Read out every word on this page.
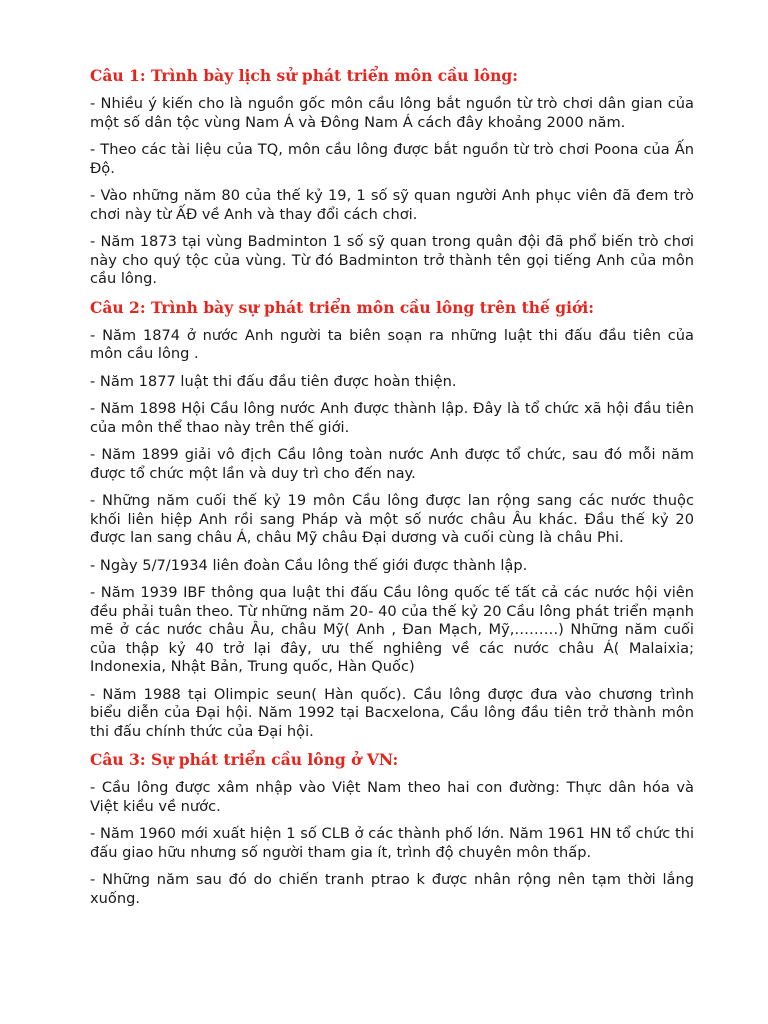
Câu 1: Trình bày lịch sử phát triển môn cầu lông:
- Nhiều ý kiến cho là nguồn gốc môn cầu lông bắt nguồn từ trò chơi dân gian của một số dân tộc vùng Nam Á và Đông Nam Á cách đây khoảng 2000 năm.
- Theo các tài liệu của TQ, môn cầu lông được bắt nguồn từ trò chơi Poona của Ấn Độ.
- Vào những năm 80 của thế kỷ 19, 1 số sỹ quan người Anh phục viên đã đem trò chơi này từ ẤĐ về Anh và thay đổi cách chơi.
- Năm 1873 tại vùng Badminton 1 số sỹ quan trong quân đội đã phổ biến trò chơi này cho quý tộc của vùng. Từ đó Badminton trở thành tên gọi tiếng Anh của môn cầu lông.
Câu 2: Trình bày sự phát triển môn cầu lông trên thế giới:
- Năm 1874 ở nước Anh người ta biên soạn ra những luật thi đấu đầu tiên của môn cầu lông .
- Năm 1877 luật thi đấu đầu tiên được hoàn thiện.
- Năm 1898 Hội Cầu lông nước Anh được thành lập. Đây là tổ chức xã hội đầu tiên của môn thể thao này trên thế giới.
- Năm 1899 giải vô địch Cầu lông toàn nước Anh được tổ chức, sau đó mỗi năm được tổ chức một lần và duy trì cho đến nay.
- Những năm cuối thế kỷ 19 môn Cầu lông được lan rộng sang các nước thuộc khối liên hiệp Anh rồi sang Pháp và một số nước châu Âu khác. Đầu thế kỷ 20 được lan sang châu Á, châu Mỹ châu Đại dương và cuối cùng là châu Phi.
- Ngày 5/7/1934 liên đoàn Cầu lông thế giới được thành lập.
- Năm 1939 IBF thông qua luật thi đấu Cầu lông quốc tế tất cả các nước hội viên đều phải tuân theo. Từ những năm 20- 40 của thế kỷ 20 Cầu lông phát triển mạnh mẽ ở các nước châu Âu, châu Mỹ( Anh , Đan Mạch, Mỹ,………) Những năm cuối của thập kỷ 40 trở lại đây, ưu thế nghiêng về các nước châu Á( Malaixia; Indonexia, Nhật Bản, Trung quốc, Hàn Quốc)
- Năm 1988 tại Olimpic seun( Hàn quốc). Cầu lông được đưa vào chương trình biểu diễn của Đại hội. Năm 1992 tại Bacxelona, Cầu lông đầu tiên trở thành môn thi đấu chính thức của Đại hội.
Câu 3: Sự phát triển cầu lông ở VN:
- Cầu lông được xâm nhập vào Việt Nam theo hai con đường: Thực dân hóa và Việt kiều về nước.
- Năm 1960 mới xuất hiện 1 số CLB ở các thành phố lớn. Năm 1961 HN tổ chức thi đấu giao hữu nhưng số người tham gia ít, trình độ chuyên môn thấp.
- Những năm sau đó do chiến tranh ptrao k được nhân rộng nên tạm thời lắng xuống.
